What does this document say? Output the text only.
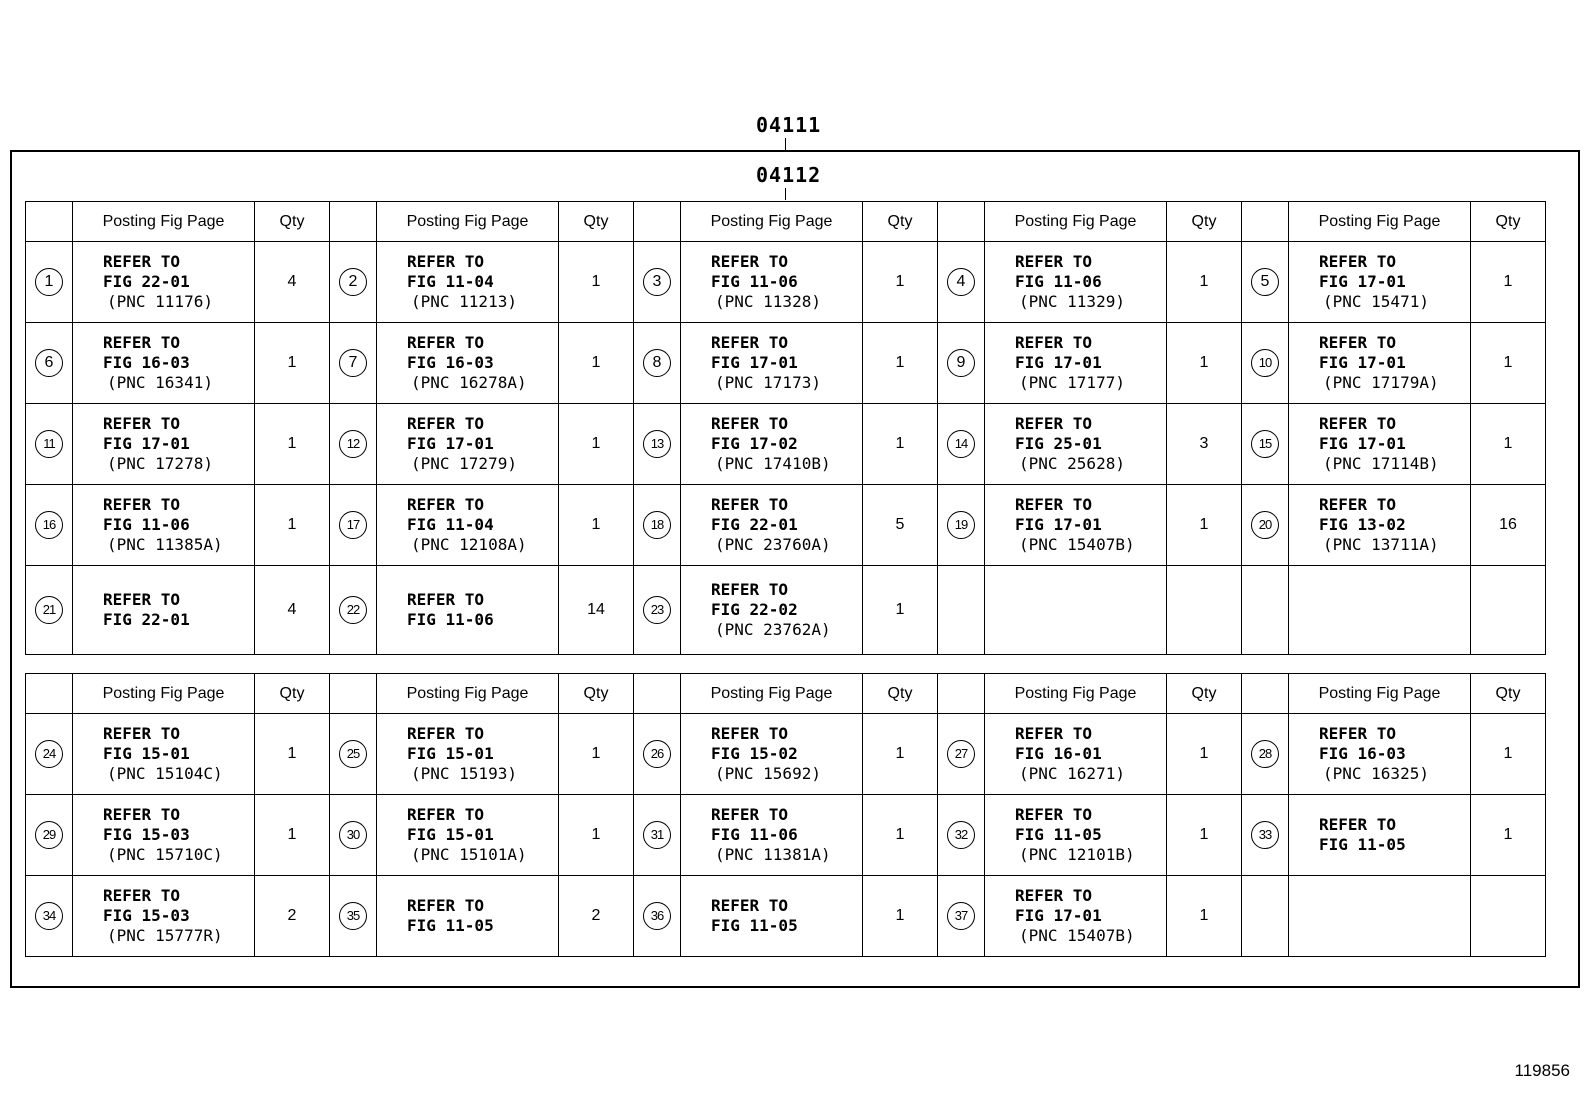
04111
04112
	Posting Fig Page	Qty		Posting Fig Page	Qty		Posting Fig Page	Qty		Posting Fig Page	Qty		Posting Fig Page	Qty
1	REFER TO
FIG 22-01
(PNC 11176)	4	2	REFER TO
FIG 11-04
(PNC 11213)	1	3	REFER TO
FIG 11-06
(PNC 11328)	1	4	REFER TO
FIG 11-06
(PNC 11329)	1	5	REFER TO
FIG 17-01
(PNC 15471)	1
6	REFER TO
FIG 16-03
(PNC 16341)	1	7	REFER TO
FIG 16-03
(PNC 16278A)	1	8	REFER TO
FIG 17-01
(PNC 17173)	1	9	REFER TO
FIG 17-01
(PNC 17177)	1	10	REFER TO
FIG 17-01
(PNC 17179A)	1
11	REFER TO
FIG 17-01
(PNC 17278)	1	12	REFER TO
FIG 17-01
(PNC 17279)	1	13	REFER TO
FIG 17-02
(PNC 17410B)	1	14	REFER TO
FIG 25-01
(PNC 25628)	3	15	REFER TO
FIG 17-01
(PNC 17114B)	1
16	REFER TO
FIG 11-06
(PNC 11385A)	1	17	REFER TO
FIG 11-04
(PNC 12108A)	1	18	REFER TO
FIG 22-01
(PNC 23760A)	5	19	REFER TO
FIG 17-01
(PNC 15407B)	1	20	REFER TO
FIG 13-02
(PNC 13711A)	16
21	REFER TO
FIG 22-01	4	22	REFER TO
FIG 11-06	14	23	REFER TO
FIG 22-02
(PNC 23762A)	1						
	Posting Fig Page	Qty		Posting Fig Page	Qty		Posting Fig Page	Qty		Posting Fig Page	Qty		Posting Fig Page	Qty
24	REFER TO
FIG 15-01
(PNC 15104C)	1	25	REFER TO
FIG 15-01
(PNC 15193)	1	26	REFER TO
FIG 15-02
(PNC 15692)	1	27	REFER TO
FIG 16-01
(PNC 16271)	1	28	REFER TO
FIG 16-03
(PNC 16325)	1
29	REFER TO
FIG 15-03
(PNC 15710C)	1	30	REFER TO
FIG 15-01
(PNC 15101A)	1	31	REFER TO
FIG 11-06
(PNC 11381A)	1	32	REFER TO
FIG 11-05
(PNC 12101B)	1	33	REFER TO
FIG 11-05	1
34	REFER TO
FIG 15-03
(PNC 15777R)	2	35	REFER TO
FIG 11-05	2	36	REFER TO
FIG 11-05	1	37	REFER TO
FIG 17-01
(PNC 15407B)	1			
119856
